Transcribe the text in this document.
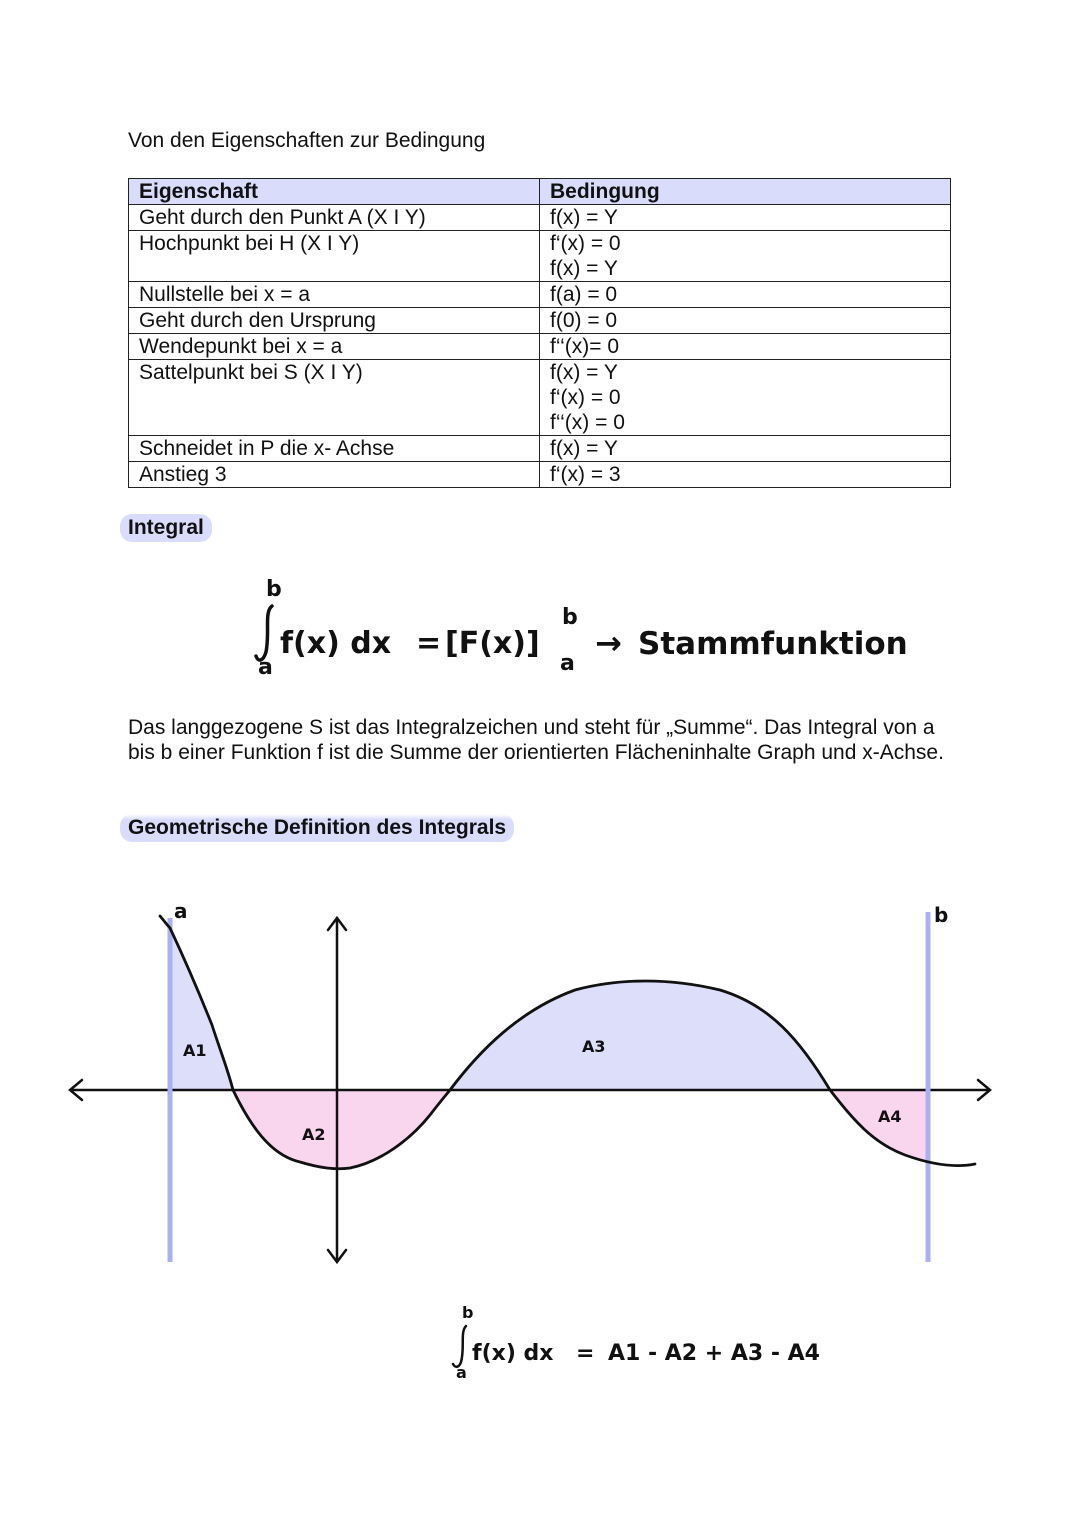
Von den Eigenschaften zur Bedingung
Eigenschaft	Bedingung
Geht durch den Punkt A (X I Y)	f(x) = Y

Hochpunkt bei H (X I Y)	f‘(x) = 0
f(x) = Y

Nullstelle bei x = a	f(a) = 0

Geht durch den Ursprung	f(0) = 0

Wendepunkt bei x = a	f‘‘(x)= 0

Sattelpunkt bei S (X I Y)	f(x) = Y
f‘(x) = 0
f‘‘(x) = 0

Schneidet in P die x- Achse	f(x) = Y

Anstieg 3	f‘(x) = 3
Integral
b
a
f(x) dx = [F(x)]
b
a
→ Stammfunktion
Das langgezogene S ist das Integralzeichen und steht für „Summe“. Das Integral von a bis b einer Funktion f ist die Summe der orientierten Flächeninhalte Graph und x-Achse.
Geometrische Definition des Integrals
a	b
A1
A2
A3
A4
b
a
f(x) dx = A1 - A2 + A3 - A4
